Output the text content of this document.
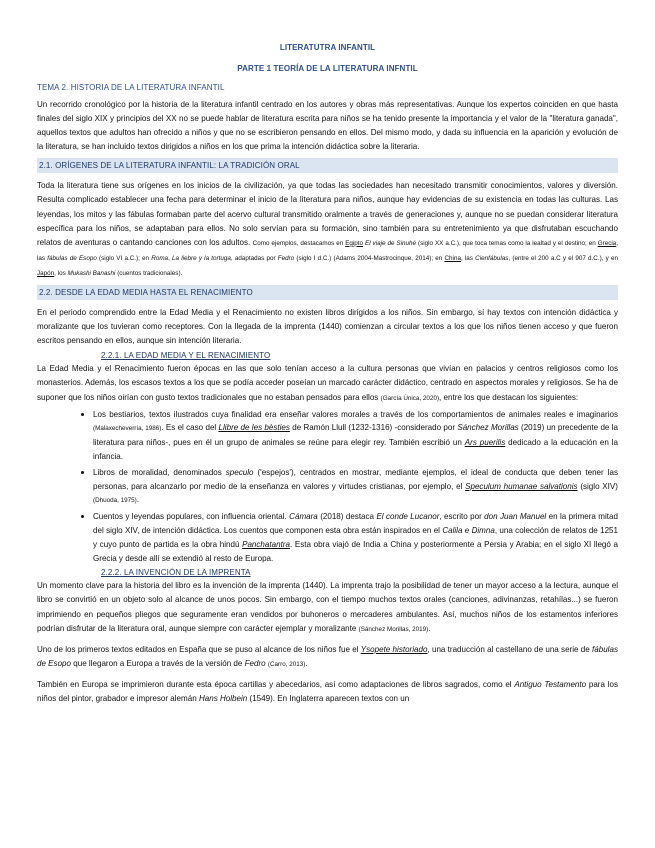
LITERATUTRA INFANTIL
PARTE 1 TEORÍA DE LA LITERATURA INFNTIL
TEMA 2. HISTORIA DE LA LITERATURA INFANTIL

Un recorrido cronológico por la historia de la literatura infantil centrado en los autores y obras más representativas. Aunque los expertos coinciden en que hasta finales del siglo XIX y principios del XX no se puede hablar de literatura escrita para niños se ha tenido presente la importancia y el valor de la "literatura ganada", aquellos textos que adultos han ofrecido a niños y que no se escribieron pensando en ellos. Del mismo modo, y dada su influencia en la aparición y evolución de la literatura, se han incluido textos dirigidos a niños en los que prima la intención didáctica sobre la literaria.

2.1. ORÍGENES DE LA LITERATURA INFANTIL: LA TRADICIÓN ORAL

Toda la literatura tiene sus orígenes en los inicios de la civilización, ya que todas las sociedades han necesitado transmitir conocimientos, valores y diversión. Resulta complicado establecer una fecha para determinar el inicio de la literatura para niños, aunque hay evidencias de su existencia en todas las culturas. Las leyendas, los mitos y las fábulas formaban parte del acervo cultural transmitido oralmente a través de generaciones y, aunque no se puedan considerar literatura específica para los niños, se adaptaban para ellos. No solo servían para su formación, sino también para su entretenimiento ya que disfrutaban escuchando relatos de aventuras o cantando canciones con los adultos. Como ejemplos, destacamos en Egipto El viaje de Sinuhé (siglo XX a.C.), que toca temas como la lealtad y el destino; en Grecia, las fábulas de Esopo (siglo VI a.C.); en Roma, La liebre y la tortuga, adaptadas por Fedro (siglo I d.C.) (Adams 2004-Mastrocinque, 2014); en China, las Cienfábulas, (entre el 200 a.C y el 907 d.C.), y en Japón, los Mukashi Banashi (cuentos tradicionales).

2.2. DESDE LA EDAD MEDIA HASTA EL RENACIMIENTO

En el periodo comprendido entre la Edad Media y el Renacimiento no existen libros dirigidos a los niños. Sin embargo, sí hay textos con intención didáctica y moralizante que los tuvieran como receptores. Con la llegada de la imprenta (1440) comienzan a circular textos a los que los niños tienen acceso y que fueron escritos pensando en ellos, aunque sin intención literaria.

2.2.1. LA EDAD MEDIA Y EL RENACIMIENTO

La Edad Media y el Renacimiento fueron épocas en las que solo tenían acceso a la cultura personas que vivían en palacios y centros religiosos como los monasterios. Además, los escasos textos a los que se podía acceder poseían un marcado carácter didáctico, centrado en aspectos morales y religiosos. Se ha de suponer que los niños oirían con gusto textos tradicionales que no estaban pensados para ellos (García Única, 2020), entre los que destacan los siguientes:

• Los bestiarios, textos ilustrados cuya finalidad era enseñar valores morales a través de los comportamientos de animales reales e imaginarios (Malaxecheverría, 1986). Es el caso del Llibre de les bèsties de Ramón Llull (1232-1316) -considerado por Sánchez Morillas (2019) un precedente de la literatura para niños-, pues en él un grupo de animales se reúne para elegir rey. También escribió un Ars puerilis dedicado a la educación en la infancia.
• Libros de moralidad, denominados speculo ('espejos'), centrados en mostrar, mediante ejemplos, el ideal de conducta que deben tener las personas, para alcanzarlo por medio de la enseñanza en valores y virtudes cristianas, por ejemplo, el Speculum humanae salvationis (siglo XIV) (Dhuoda, 1975).
• Cuentos y leyendas populares, con influencia oriental. Cámara (2018) destaca El conde Lucanor, escrito por don Juan Manuel en la primera mitad del siglo XIV, de intención didáctica. Los cuentos que componen esta obra están inspirados en el Calila e Dimna, una colección de relatos de 1251 y cuyo punto de partida es la obra hindú Panchatantra. Esta obra viajó de India a China y posteriormente a Persia y Arabia; en el siglo XI llegó a Grecia y desde allí se extendió al resto de Europa.
2.2.2. LA INVENCIÓN DE LA IMPRENTA

Un momento clave para la historia del libro es la invención de la imprenta (1440). La imprenta trajo la posibilidad de tener un mayor acceso a la lectura, aunque el libro se convirtió en un objeto solo al alcance de unos pocos. Sin embargo, con el tiempo muchos textos orales (canciones, adivinanzas, retahílas...) se fueron imprimiendo en pequeños pliegos que seguramente eran vendidos por buhoneros o mercaderes ambulantes. Así, muchos niños de los estamentos inferiores podrían disfrutar de la literatura oral, aunque siempre con carácter ejemplar y moralizante (Sánchez Morillas, 2019).

Uno de los primeros textos editados en España que se puso al alcance de los niños fue el Ysopete historiado, una traducción al castellano de una serie de fábulas de Esopo que llegaron a Europa a través de la versión de Fedro (Carro, 2013).

También en Europa se imprimieron durante esta época cartillas y abecedarios, así como adaptaciones de libros sagrados, como el Antiguo Testamento para los niños del pintor, grabador e impresor alemán Hans Holbein (1549). En Inglaterra aparecen textos con un
